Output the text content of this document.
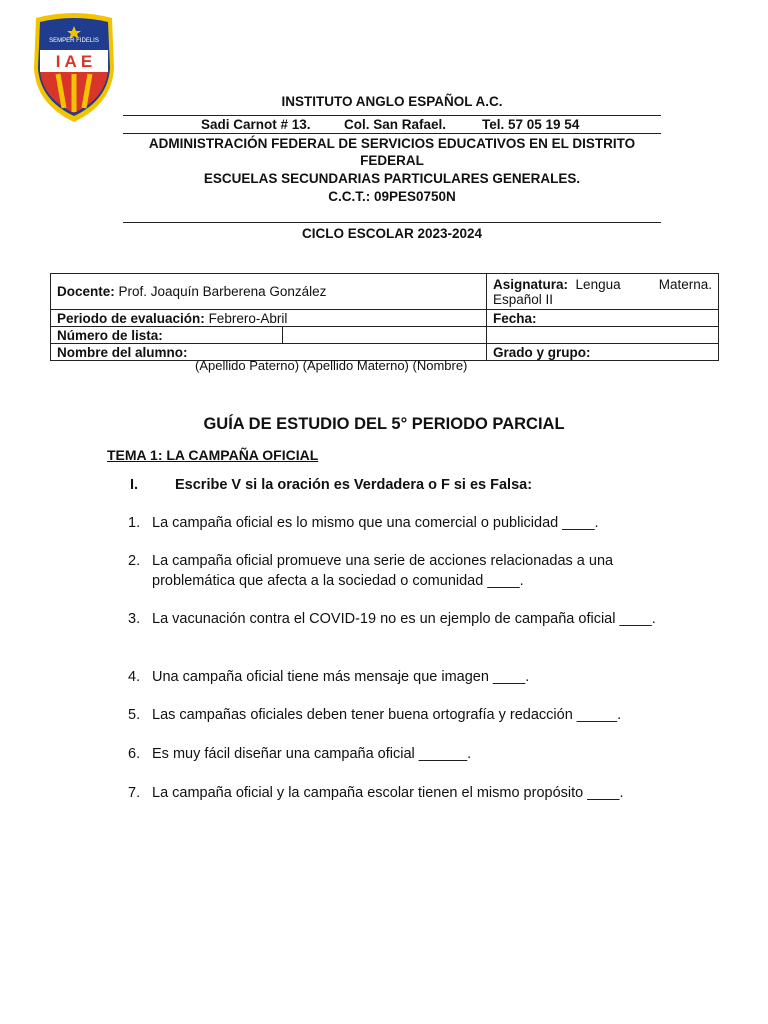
I A E
SEMPER FIDELIS
INSTITUTO ANGLO ESPAÑOL A.C.
Sadi Carnot # 13. Col. San Rafael.	Tel. 57 05 19 54
ADMINISTRACIÓN FEDERAL DE SERVICIOS EDUCATIVOS EN EL DISTRITO
FEDERAL
ESCUELAS SECUNDARIAS PARTICULARES GENERALES.
C.C.T.: 09PES0750N
CICLO ESCOLAR 2023-2024
Docente: Prof. Joaquín Barberena González		Asignatura: Lengua Materna.
Español II

Periodo de evaluación: Febrero-Abril		Fecha:
Número de lista:		
Nombre del alumno:		Grado y grupo:
(Apellido Paterno) (Apellido Materno) (Nombre)
GUÍA DE ESTUDIO DEL 5° PERIODO PARCIAL
TEMA 1: LA CAMPAÑA OFICIAL
I.	Escribe V si la oración es Verdadera o F si es Falsa:
1. La campaña oficial es lo mismo que una comercial o publicidad ____.
2. La campaña oficial promueve una serie de acciones relacionadas a una problemática que afecta a la sociedad o comunidad ____.
3. La vacunación contra el COVID-19 no es un ejemplo de campaña oficial ____.
4. Una campaña oficial tiene más mensaje que imagen ____.
5. Las campañas oficiales deben tener buena ortografía y redacción _____.
6. Es muy fácil diseñar una campaña oficial ______.
7. La campaña oficial y la campaña escolar tienen el mismo propósito ____.
